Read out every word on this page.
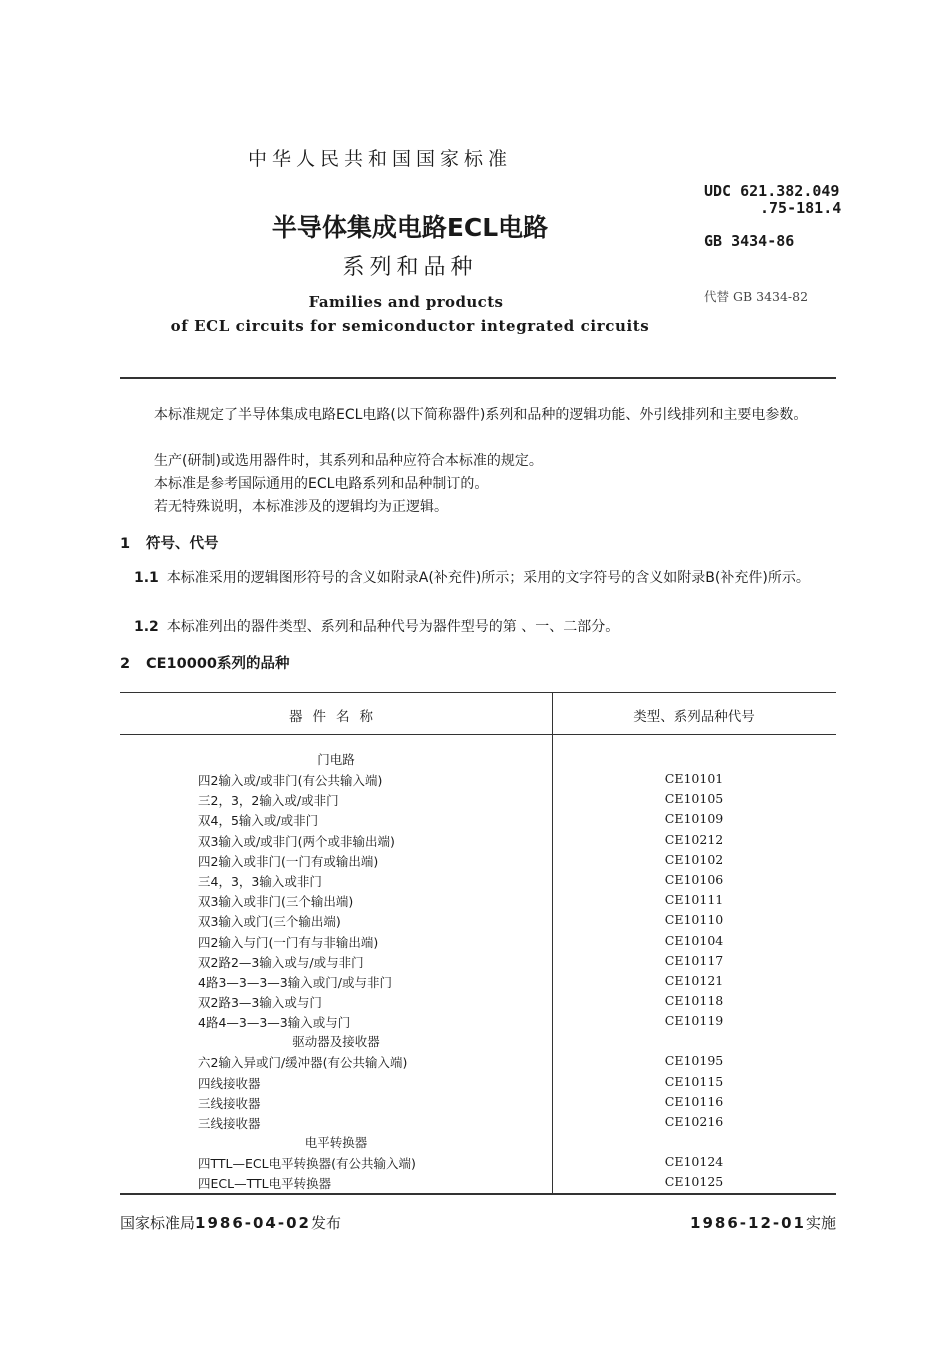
中华人民共和国国家标准
UDC 621.382.049
.75-181.4
GB 3434-86
代替 GB 3434-82
半导体集成电路ECL电路
系列和品种
Families and products
of ECL circuits for semiconductor integrated circuits
本标准规定了半导体集成电路ECL电路(以下简称器件)系列和品种的逻辑功能、外引线排列和主要电参数。
生产(研制)或选用器件时，其系列和品种应符合本标准的规定。
本标准是参考国际通用的ECL电路系列和品种制订的。
若无特殊说明，本标准涉及的逻辑均为正逻辑。
1 符号、代号
1.1 本标准采用的逻辑图形符号的含义如附录A(补充件)所示；采用的文字符号的含义如附录B(补充件)所示。
1.2 本标准列出的器件类型、系列和品种代号为器件型号的第 、一、二部分。
2 CE10000系列的品种
器件名称	类型、系列品种代号
门电路
四2输入或/或非门(有公共输入端)	CE10101
三2，3，2输入或/或非门	CE10105
双4，5输入或/或非门	CE10109
双3输入或/或非门(两个或非输出端)	CE10212
四2输入或非门(一门有或输出端)	CE10102
三4，3，3输入或非门	CE10106
双3输入或非门(三个输出端)	CE10111
双3输入或门(三个输出端)	CE10110
四2输入与门(一门有与非输出端)	CE10104
双2路2—3输入或与/或与非门	CE10117
4路3—3—3—3输入或门/或与非门	CE10121
双2路3—3输入或与门	CE10118
4路4—3—3—3输入或与门	CE10119
驱动器及接收器
六2输入异或门/缓冲器(有公共输入端)	CE10195
四线接收器	CE10115
三线接收器	CE10116
三线接收器	CE10216
电平转换器
四TTL—ECL电平转换器(有公共输入端)	CE10124
四ECL—TTL电平转换器	CE10125
国家标准局1986-04-02发布	1986-12-01实施
